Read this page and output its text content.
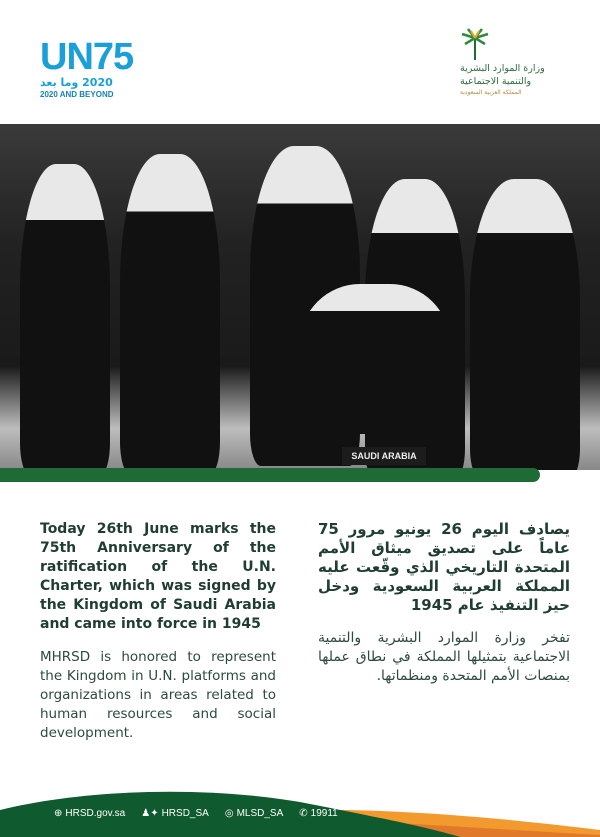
UN75
2020 وما بعد
2020 AND BEYOND
وزارة الموارد البشرية
والتنمية الاجتماعية
المملكة العربية السعودية
SAUDI ARABIA
Today 26th June marks the 75th Anniversary of the ratification of the U.N. Charter, which was signed by the Kingdom of Saudi Arabia and came into force in 1945
MHRSD is honored to represent the Kingdom in U.N. platforms and organizations in areas related to human resources and social development.
يصادف اليوم 26 يونيو مرور 75 عاماً على تصديق ميثاق الأمم المتحدة التاريخي الذي وقّعت عليه المملكة العربية السعودية ودخل حيز التنفيذ عام 1945
تفخر وزارة الموارد البشرية والتنمية الاجتماعية بتمثيلها المملكة في نطاق عملها بمنصات الأمم المتحدة ومنظماتها.
⊕ HRSD.gov.sa ♟✦ HRSD_SA ◎ MLSD_SA ✆ 19911
